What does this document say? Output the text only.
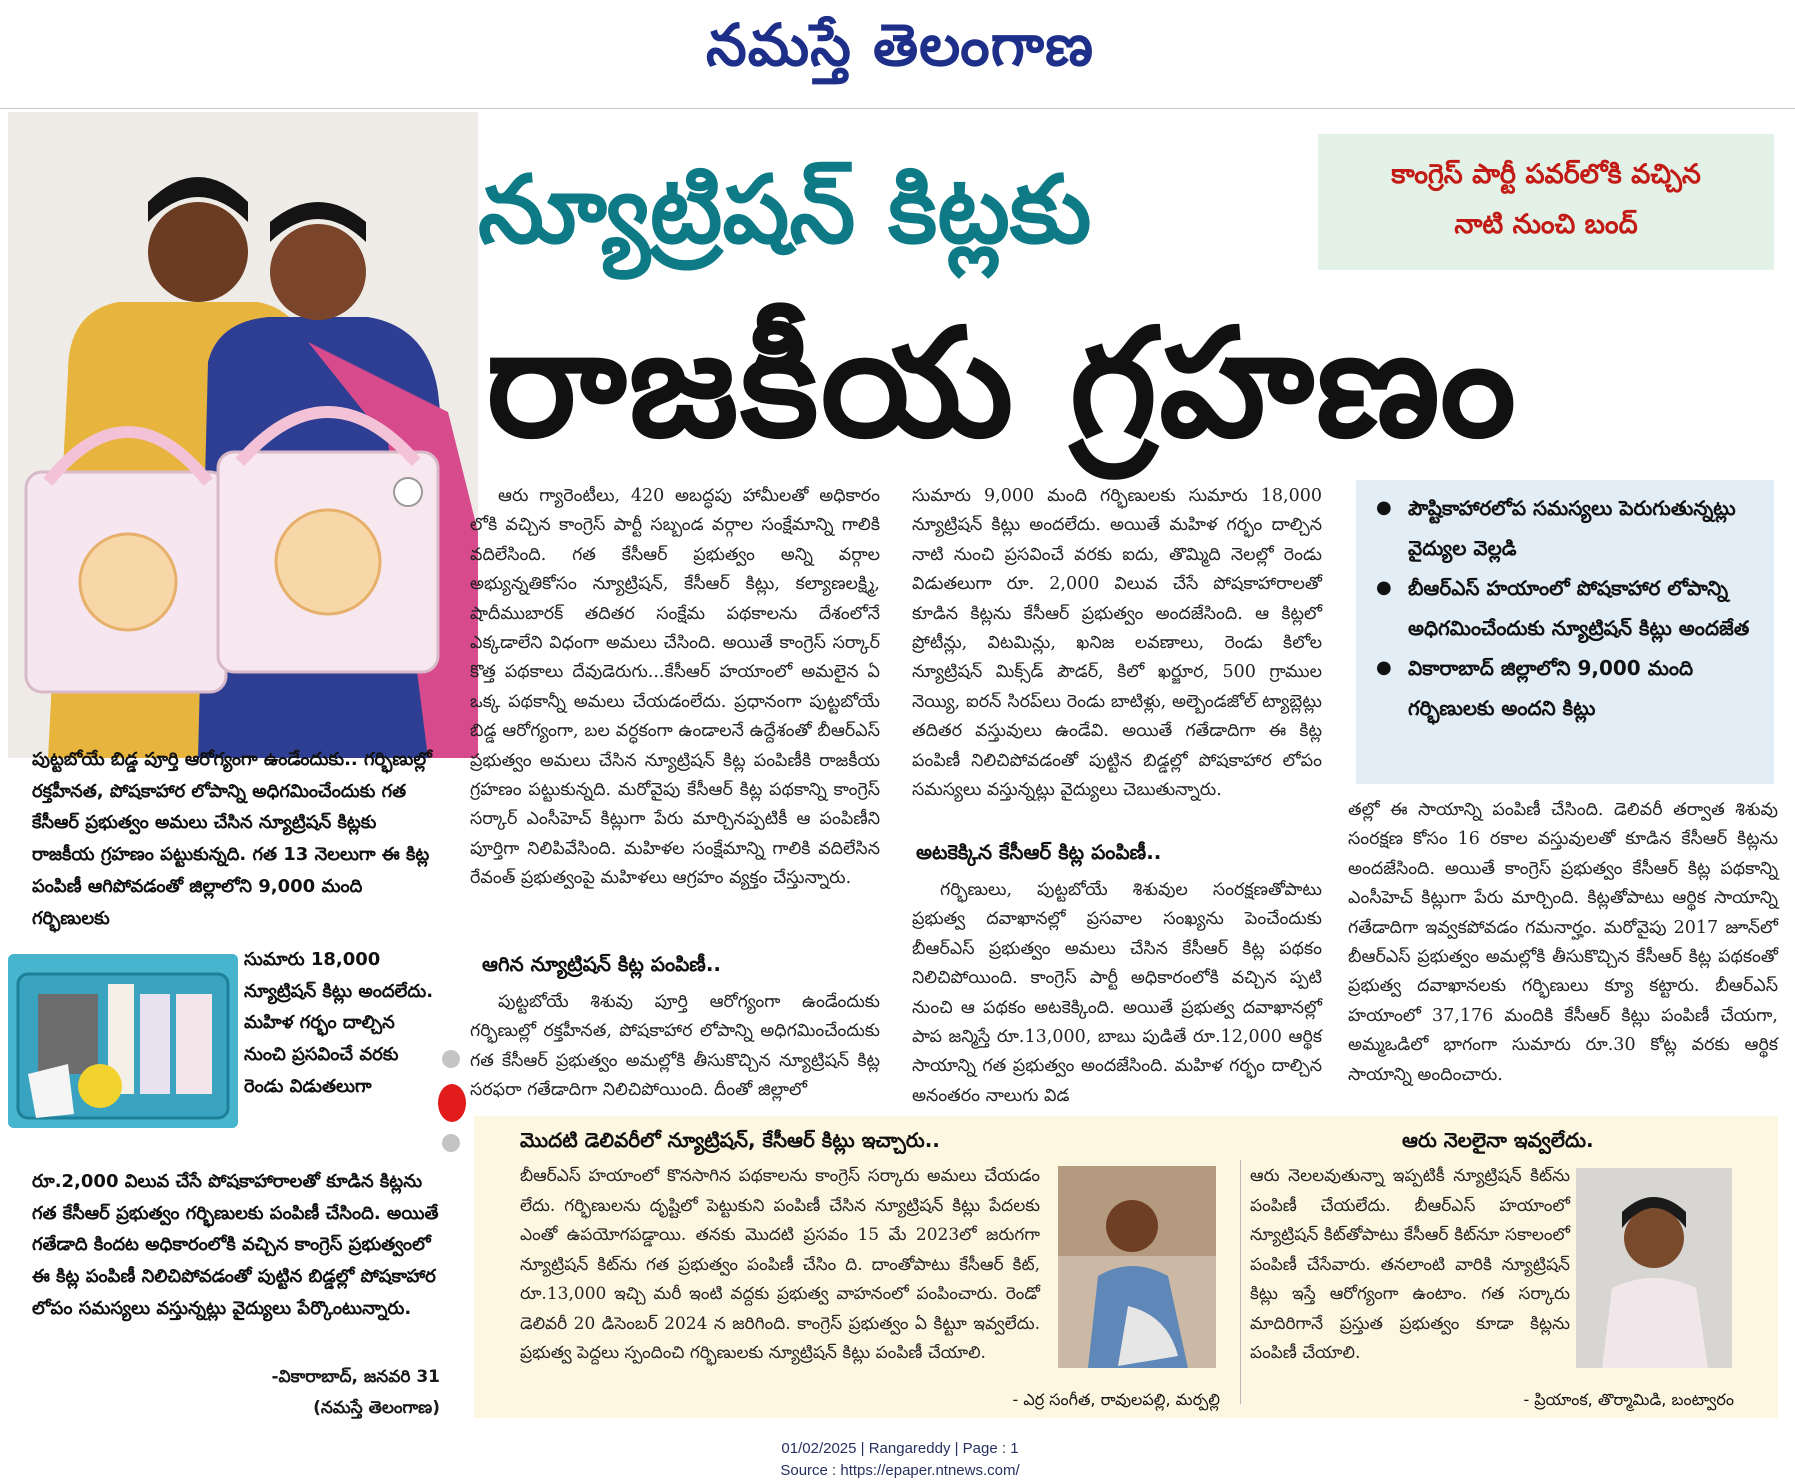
నమస్తే తెలంగాణ
న్యూట్రిషన్ కిట్లకు
రాజకీయ గ్రహణం
కాంగ్రెస్ పార్టీ పవర్‌లోకి వచ్చిన
నాటి నుంచి బంద్
● పౌష్టికాహారలోప సమస్యలు పెరుగుతున్నట్లు వైద్యుల వెల్లడి
● బీఆర్‌ఎస్ హయాంలో పోషకాహార లోపాన్ని అధిగమించేందుకు న్యూట్రిషన్ కిట్లు అందజేత
● వికారాబాద్ జిల్లాలోని 9,000 మంది గర్భిణులకు అందని కిట్లు

ఆరు గ్యారెంటీలు, 420 అబద్ధపు హామీలతో అధికారం లోకి వచ్చిన కాంగ్రెస్ పార్టీ సబ్బండ వర్గాల సంక్షేమాన్ని గాలికి వదిలేసింది. గత కేసీఆర్ ప్రభుత్వం అన్ని వర్గాల అభ్యున్నతికోసం న్యూట్రిషన్, కేసీఆర్ కిట్లు, కల్యాణలక్ష్మి, షాదీముబారక్ తదితర సంక్షేమ పథకాలను దేశంలోనే ఎక్కడాలేని విధంగా అమలు చేసింది. అయితే కాంగ్రెస్ సర్కార్ కొత్త పథకాలు దేవుడెరుగు...కేసీఆర్ హయాంలో అమలైన ఏ ఒక్క పథకాన్నీ అమలు చేయడంలేదు. ప్రధానంగా పుట్టబోయే బిడ్డ ఆరోగ్యంగా, బల వర్ధకంగా ఉండాలనే ఉద్దేశంతో బీఆర్‌ఎస్ ప్రభుత్వం అమలు చేసిన న్యూట్రిషన్ కిట్ల పంపిణీకి రాజకీయ గ్రహణం పట్టుకున్నది. మరోవైపు కేసీఆర్ కిట్ల పథకాన్ని కాంగ్రెస్ సర్కార్ ఎంసీహెచ్ కిట్లుగా పేరు మార్చినప్పటికీ ఆ పంపిణీని పూర్తిగా నిలిపివేసింది. మహిళల సంక్షేమాన్ని గాలికి వదిలేసిన రేవంత్ ప్రభుత్వంపై మహిళలు ఆగ్రహం వ్యక్తం చేస్తున్నారు.

ఆగిన న్యూట్రిషన్ కిట్ల పంపిణీ..

పుట్టబోయే శిశువు పూర్తి ఆరోగ్యంగా ఉండేందుకు గర్భిణుల్లో రక్తహీనత, పోషకాహార లోపాన్ని అధిగమించేందుకు గత కేసీఆర్ ప్రభుత్వం అమల్లోకి తీసుకొచ్చిన న్యూట్రిషన్ కిట్ల సరఫరా గతేడాదిగా నిలిచిపోయింది. దీంతో జిల్లాలో

సుమారు 9,000 మంది గర్భిణులకు సుమారు 18,000 న్యూట్రిషన్ కిట్లు అందలేదు. అయితే మహిళ గర్భం దాల్చిన నాటి నుంచి ప్రసవించే వరకు ఐదు, తొమ్మిది నెలల్లో రెండు విడుతలుగా రూ. 2,000 విలువ చేసే పోషకాహారాలతో కూడిన కిట్లను కేసీఆర్ ప్రభుత్వం అందజేసింది. ఆ కిట్లలో ప్రోటీన్లు, విటమిన్లు, ఖనిజ లవణాలు, రెండు కిలోల న్యూట్రిషన్ మిక్స్‌డ్ పౌడర్, కిలో ఖర్జూర, 500 గ్రాముల నెయ్యి, ఐరన్ సిరప్‌లు రెండు బాటిళ్లు, అల్బెండజోల్ ట్యాబ్లెట్లు తదితర వస్తువులు ఉండేవి. అయితే గతేడాదిగా ఈ కిట్ల పంపిణీ నిలిచిపోవడంతో పుట్టిన బిడ్డల్లో పోషకాహార లోపం సమస్యలు వస్తున్నట్లు వైద్యులు చెబుతున్నారు.

అటకెక్కిన కేసీఆర్ కిట్ల పంపిణీ..

గర్భిణులు, పుట్టబోయే శిశువుల సంరక్షణతోపాటు ప్రభుత్వ దవాఖానల్లో ప్రసవాల సంఖ్యను పెంచేందుకు బీఆర్‌ఎస్ ప్రభుత్వం అమలు చేసిన కేసీఆర్ కిట్ల పథకం నిలిచిపోయింది. కాంగ్రెస్ పార్టీ అధికారంలోకి వచ్చిన ప్పటి నుంచి ఆ పథకం అటకెక్కింది. అయితే ప్రభుత్వ దవాఖానల్లో పాప జన్మిస్తే రూ.13,000, బాబు పుడితే రూ.12,000 ఆర్థిక సాయాన్ని గత ప్రభుత్వం అందజేసింది. మహిళ గర్భం దాల్చిన అనంతరం నాలుగు విడ

తల్లో ఈ సాయాన్ని పంపిణీ చేసింది. డెలివరీ తర్వాత శిశువు సంరక్షణ కోసం 16 రకాల వస్తువులతో కూడిన కేసీఆర్ కిట్లను అందజేసింది. అయితే కాంగ్రెస్ ప్రభుత్వం కేసీఆర్ కిట్ల పథకాన్ని ఎంసీహెచ్ కిట్లుగా పేరు మార్చింది. కిట్లతోపాటు ఆర్థిక సాయాన్ని గతేడాదిగా ఇవ్వకపోవడం గమనార్హం. మరోవైపు 2017 జూన్‌లో బీఆర్‌ఎస్ ప్రభుత్వం అమల్లోకి తీసుకొచ్చిన కేసీఆర్ కిట్ల పథకంతో ప్రభుత్వ దవాఖానలకు గర్భిణులు క్యూ కట్టారు. బీఆర్‌ఎస్ హయాంలో 37,176 మందికి కేసీఆర్ కిట్లు పంపిణీ చేయగా, అమ్మఒడిలో భాగంగా సుమారు రూ.30 కోట్ల వరకు ఆర్థిక సాయాన్ని అందించారు.

పుట్టబోయే బిడ్డ పూర్తి ఆరోగ్యంగా ఉండేందుకు.. గర్భిణుల్లో రక్తహీనత, పోషకాహార లోపాన్ని అధిగమించేందుకు గత కేసీఆర్ ప్రభుత్వం అమలు చేసిన న్యూట్రిషన్ కిట్లకు రాజకీయ గ్రహణం పట్టుకున్నది. గత 13 నెలలుగా ఈ కిట్ల పంపిణీ ఆగిపోవడంతో జిల్లాలోని 9,000 మంది గర్భిణులకు
సుమారు 18,000 న్యూట్రిషన్ కిట్లు అందలేదు. మహిళ గర్భం దాల్చిన నుంచి ప్రసవించే వరకు రెండు విడుతలుగా
రూ.2,000 విలువ చేసే పోషకాహారాలతో కూడిన కిట్లను గత కేసీఆర్ ప్రభుత్వం గర్భిణులకు పంపిణీ చేసింది. అయితే గతేడాది కిందట అధికారంలోకి వచ్చిన కాంగ్రెస్ ప్రభుత్వంలో ఈ కిట్ల పంపిణీ నిలిచిపోవడంతో పుట్టిన బిడ్డల్లో పోషకాహార లోపం సమస్యలు వస్తున్నట్లు వైద్యులు పేర్కొంటున్నారు.
-వికారాబాద్, జనవరి 31
(నమస్తే తెలంగాణ)
మొదటి డెలివరీలో న్యూట్రిషన్, కేసీఆర్ కిట్లు ఇచ్చారు..
బీఆర్‌ఎస్ హయాంలో కొనసాగిన పథకాలను కాంగ్రెస్ సర్కారు అమలు చేయడం లేదు. గర్భిణులను దృష్టిలో పెట్టుకుని పంపిణీ చేసిన న్యూట్రిషన్ కిట్లు పేదలకు ఎంతో ఉపయోగపడ్డాయి. తనకు మొదటి ప్రసవం 15 మే 2023లో జరుగగా న్యూట్రిషన్ కిట్‌ను గత ప్రభుత్వం పంపిణీ చేసిం ది. దాంతోపాటు కేసీఆర్ కిట్, రూ.13,000 ఇచ్చి మరీ ఇంటి వద్దకు ప్రభుత్వ వాహనంలో పంపించారు. రెండో డెలివరీ 20 డిసెంబర్ 2024 న జరిగింది. కాంగ్రెస్ ప్రభుత్వం ఏ కిట్టూ ఇవ్వలేదు. ప్రభుత్వ పెద్దలు స్పందించి గర్భిణులకు న్యూట్రిషన్ కిట్లు పంపిణీ చేయాలి.
- ఎర్ర సంగీత, రావులపల్లి, మర్పల్లి
ఆరు నెలలైనా ఇవ్వలేదు.
ఆరు నెలలవుతున్నా ఇప్పటికీ న్యూట్రిషన్ కిట్‌ను పంపిణీ చేయలేదు. బీఆర్‌ఎస్ హయాంలో న్యూట్రిషన్ కిట్‌తోపాటు కేసీఆర్ కిట్‌నూ సకాలంలో పంపిణీ చేసేవారు. తనలాంటి వారికి న్యూట్రిషన్ కిట్లు ఇస్తే ఆరోగ్యంగా ఉంటాం. గత సర్కారు మాదిరిగానే ప్రస్తుత ప్రభుత్వం కూడా కిట్లను పంపిణీ చేయాలి.
- ప్రియాంక, తొర్మామిడి, బంట్వారం
01/02/2025 | Rangareddy | Page : 1
Source : https://epaper.ntnews.com/
